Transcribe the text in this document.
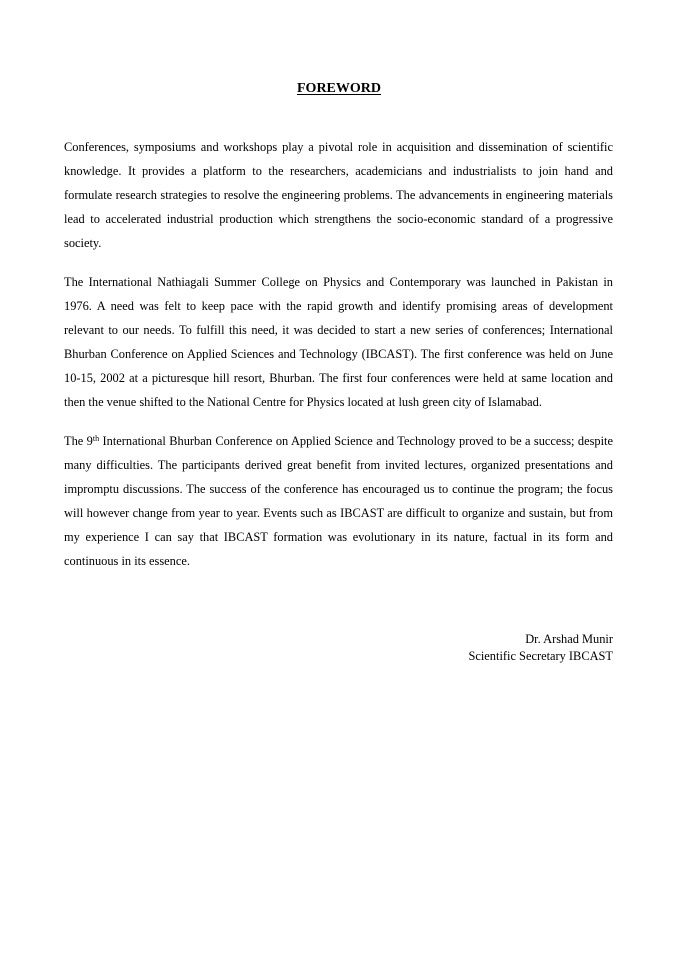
FOREWORD

Conferences, symposiums and workshops play a pivotal role in acquisition and dissemination of scientific knowledge. It provides a platform to the researchers, academicians and industrialists to join hand and formulate research strategies to resolve the engineering problems. The advancements in engineering materials lead to accelerated industrial production which strengthens the socio-economic standard of a progressive society.

The International Nathiagali Summer College on Physics and Contemporary was launched in Pakistan in 1976. A need was felt to keep pace with the rapid growth and identify promising areas of development relevant to our needs. To fulfill this need, it was decided to start a new series of conferences; International Bhurban Conference on Applied Sciences and Technology (IBCAST). The first conference was held on June 10-15, 2002 at a picturesque hill resort, Bhurban. The first four conferences were held at same location and then the venue shifted to the National Centre for Physics located at lush green city of Islamabad.

The 9th International Bhurban Conference on Applied Science and Technology proved to be a success; despite many difficulties. The participants derived great benefit from invited lectures, organized presentations and impromptu discussions. The success of the conference has encouraged us to continue the program; the focus will however change from year to year. Events such as IBCAST are difficult to organize and sustain, but from my experience I can say that IBCAST formation was evolutionary in its nature, factual in its form and continuous in its essence.

Dr. Arshad Munir
Scientific Secretary IBCAST
